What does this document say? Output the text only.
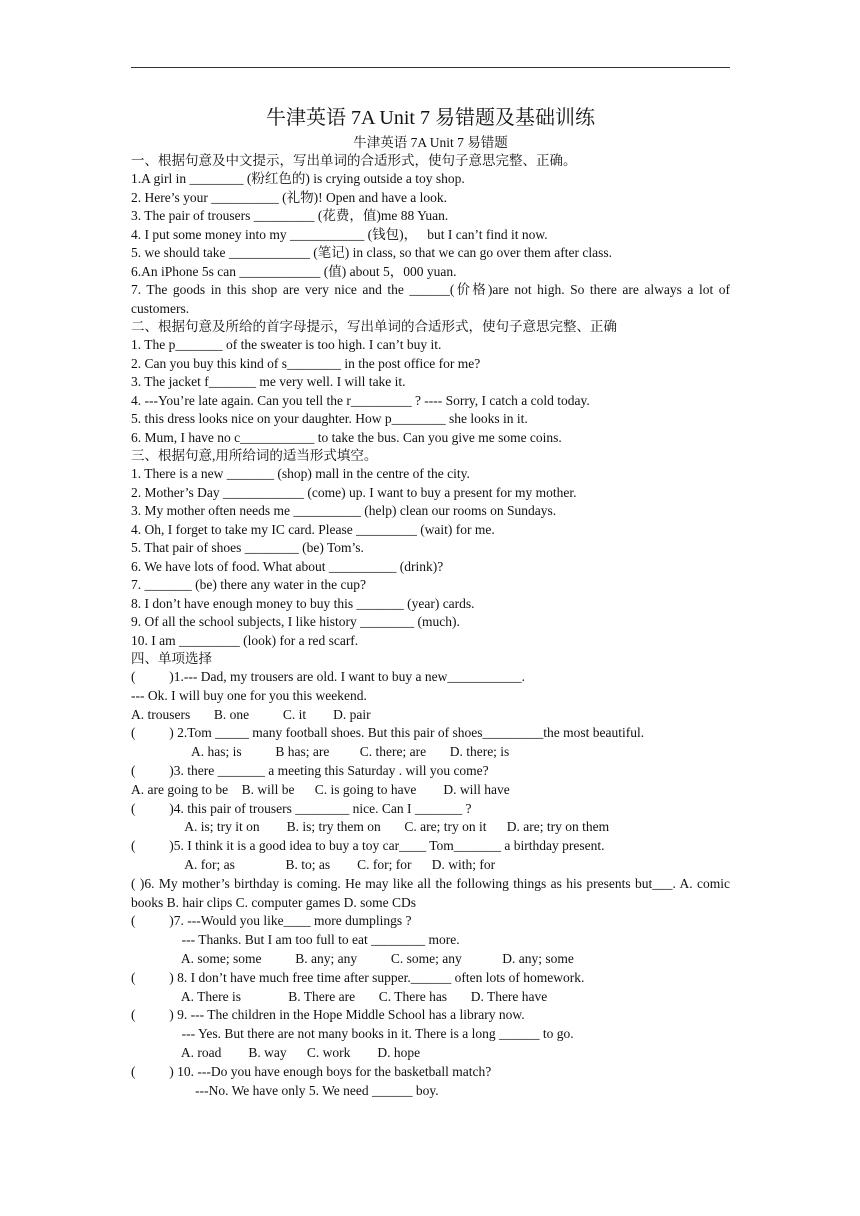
牛津英语 7A Unit 7 易错题及基础训练
牛津英语 7A Unit 7 易错题
一、根据句意及中文提示，写出单词的合适形式，使句子意思完整、正确。
1.A girl in ________ (粉红色的) is crying outside a toy shop.
2. Here’s your __________ (礼物)! Open and have a look.
3. The pair of trousers _________ (花费，值)me 88 Yuan.
4. I put some money into my ___________ (钱包)，   but I can’t find it now.
5. we should take ____________ (笔记) in class, so that we can go over them after class.
6.An iPhone 5s can ____________ (值) about 5，000 yuan.
7. The goods in this shop are very nice and the ______(价格)are not high. So there are always a lot of customers.
二、根据句意及所给的首字母提示，写出单词的合适形式，使句子意思完整、正确
1. The p_______ of the sweater is too high. I can’t buy it.
2. Can you buy this kind of s________ in the post office for me?
3. The jacket f_______ me very well. I will take it.
4. ---You’re late again. Can you tell the r_________ ? ---- Sorry, I catch a cold today.
5. this dress looks nice on your daughter. How p________ she looks in it.
6. Mum, I have no c___________ to take the bus. Can you give me some coins.
三、根据句意,用所给词的适当形式填空。
1. There is a new _______ (shop) mall in the centre of the city.
2. Mother’s Day ____________ (come) up. I want to buy a present for my mother.
3. My mother often needs me __________ (help) clean our rooms on Sundays.
4. Oh, I forget to take my IC card. Please _________ (wait) for me.
5. That pair of shoes ________ (be) Tom’s.
6. We have lots of food. What about __________ (drink)?
7. _______ (be) there any water in the cup?
8. I don’t have enough money to buy this _______ (year) cards.
9. Of all the school subjects, I like history ________ (much).
10. I am _________ (look) for a red scarf.
四、单项选择
(          )1.--- Dad, my trousers are old. I want to buy a new___________.
--- Ok. I will buy one for you this weekend.
A. trousers       B. one          C. it        D. pair
(          ) 2.Tom _____ many football shoes. But this pair of shoes_________the most beautiful.
A. has; is          B has; are         C. there; are       D. there; is
(          )3. there _______ a meeting this Saturday . will you come?
A. are going to be    B. will be      C. is going to have        D. will have
(          )4. this pair of trousers ________ nice. Can I _______ ?
A. is; try it on        B. is; try them on       C. are; try on it      D. are; try on them
(          )5. I think it is a good idea to buy a toy car____ Tom_______ a birthday present.
A. for; as               B. to; as        C. for; for      D. with; for
( )6. My mother’s birthday is coming. He may like all the following things as his presents but___. A. comic books B. hair clips C. computer games D. some CDs
(          )7. ---Would you like____ more dumplings ?
--- Thanks. But I am too full to eat ________ more.
A. some; some          B. any; any          C. some; any            D. any; some
(          ) 8. I don’t have much free time after supper.______ often lots of homework.
A. There is              B. There are       C. There has       D. There have
(          ) 9. --- The children in the Hope Middle School has a library now.
--- Yes. But there are not many books in it. There is a long ______ to go.
A. road        B. way      C. work        D. hope
(          ) 10. ---Do you have enough boys for the basketball match?
---No. We have only 5. We need ______ boy.
